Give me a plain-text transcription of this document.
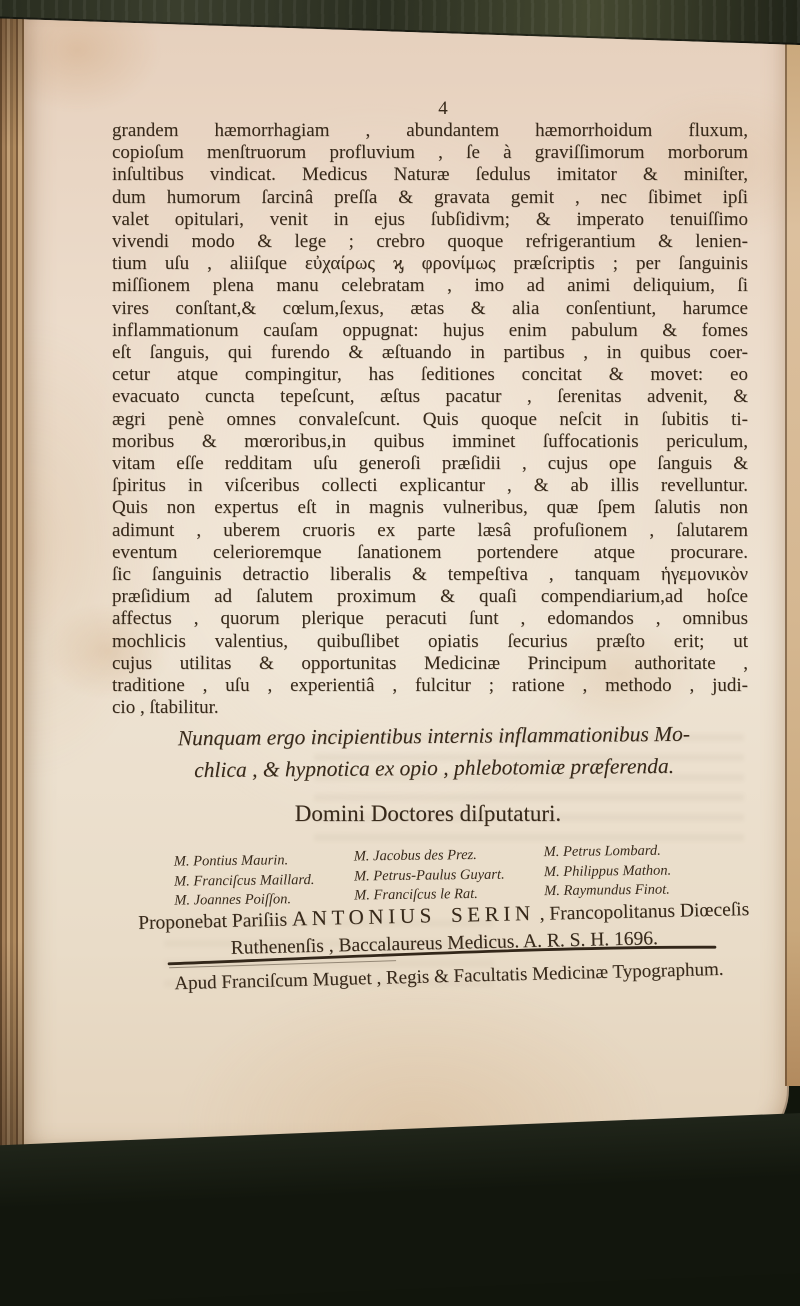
4
grandem hæmorrhagiam , abundantem hæmorrhoidum fluxum,
copioſum menſtruorum profluvium , ſe à graviſſimorum morborum
inſultibus vindicat. Medicus Naturæ ſedulus imitator & miniſter,
dum humorum ſarcinâ preſſa & gravata gemit , nec ſibimet ipſi
valet opitulari, venit in ejus ſubſidivm; & imperato tenuiſſimo
vivendi modo & lege ; crebro quoque refrigerantium & lenien-
tium uſu , aliiſque εὐχαίρως ϗ φρονίμως præſcriptis ; per ſanguinis
miſſionem plena manu celebratam , imo ad animi deliquium, ſi
vires conſtant,& cœlum,ſexus, ætas & alia conſentiunt, harumce
inflammationum cauſam oppugnat: hujus enim pabulum & fomes
eſt ſanguis, qui furendo & æſtuando in partibus , in quibus coer-
cetur atque compingitur, has ſeditiones concitat & movet: eo
evacuato cuncta tepeſcunt, æſtus pacatur , ſerenitas advenit, &
ægri penè omnes convaleſcunt. Quis quoque neſcit in ſubitis ti-
moribus & mœroribus,in quibus imminet ſuffocationis periculum,
vitam eſſe redditam uſu generoſi præſidii , cujus ope ſanguis &
ſpiritus in viſceribus collecti explicantur , & ab illis revelluntur.
Quis non expertus eſt in magnis vulneribus, quæ ſpem ſalutis non
adimunt , uberem cruoris ex parte læsâ profuſionem , ſalutarem
eventum celerioremque ſanationem portendere atque procurare.
ſic ſanguinis detractio liberalis & tempeſtiva , tanquam ἡγεμονικὸν
præſidium ad ſalutem proximum & quaſi compendiarium,ad hoſce
affectus , quorum plerique peracuti ſunt , edomandos , omnibus
mochlicis valentius, quibuſlibet opiatis ſecurius præſto erit; ut
cujus utilitas & opportunitas Medicinæ Principum authoritate ,
traditione , uſu , experientiâ , fulcitur ; ratione , methodo , judi-
cio , ſtabilitur.
Nunquam ergo incipientibus internis inflammationibus Mo-
chlica , & hypnotica ex opio , phlebotomiæ præferenda.
Domini Doctores diſputaturi.
M. Pontius Maurin.
M. Franciſcus Maillard.
M. Joannes Poiſſon.
M. Jacobus des Prez.
M. Petrus-Paulus Guyart.
M. Franciſcus le Rat.
M. Petrus Lombard.
M. Philippus Mathon.
M. Raymundus Finot.
Proponebat Pariſiis ANTONIUS SERIN , Francopolitanus Diœceſis
Ruthenenſis , Baccalaureus Medicus. A. R. S. H. 1696.
Apud Franciſcum Muguet , Regis & Facultatis Medicinæ Typographum.
